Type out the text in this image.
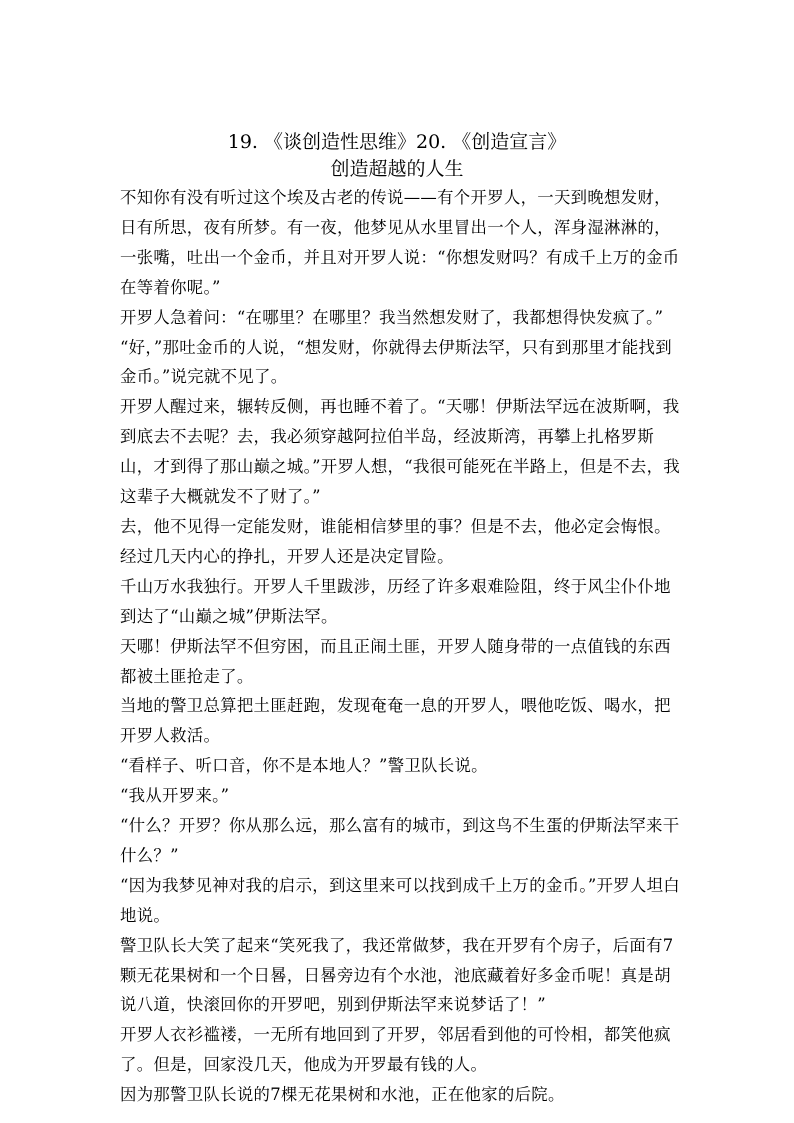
19. 《谈创造性思维》20. 《创造宣言》
创造超越的人生

不知你有没有听过这个埃及古老的传说——有个开罗人，一天到晚想发财，日有所思，夜有所梦。有一夜，他梦见从水里冒出一个人，浑身湿淋淋的，一张嘴，吐出一个金币，并且对开罗人说：“你想发财吗？有成千上万的金币在等着你呢。”

开罗人急着问：“在哪里？在哪里？我当然想发财了，我都想得快发疯了。”

“好，”那吐金币的人说，“想发财，你就得去伊斯法罕，只有到那里才能找到金币。”说完就不见了。

开罗人醒过来，辗转反侧，再也睡不着了。“天哪！伊斯法罕远在波斯啊，我到底去不去呢？去，我必须穿越阿拉伯半岛，经波斯湾，再攀上扎格罗斯山，才到得了那山巅之城。”开罗人想，“我很可能死在半路上，但是不去，我这辈子大概就发不了财了。”

去，他不见得一定能发财，谁能相信梦里的事？但是不去，他必定会悔恨。经过几天内心的挣扎，开罗人还是决定冒险。

千山万水我独行。开罗人千里跋涉，历经了许多艰难险阻，终于风尘仆仆地到达了“山巅之城”伊斯法罕。

天哪！伊斯法罕不但穷困，而且正闹土匪，开罗人随身带的一点值钱的东西都被土匪抢走了。

当地的警卫总算把土匪赶跑，发现奄奄一息的开罗人，喂他吃饭、喝水，把开罗人救活。

“看样子、听口音，你不是本地人？”警卫队长说。

“我从开罗来。”

“什么？开罗？你从那么远，那么富有的城市，到这鸟不生蛋的伊斯法罕来干什么？”

“因为我梦见神对我的启示，到这里来可以找到成千上万的金币。”开罗人坦白地说。

警卫队长大笑了起来“笑死我了，我还常做梦，我在开罗有个房子，后面有7颗无花果树和一个日晷，日晷旁边有个水池，池底藏着好多金币呢！真是胡说八道，快滚回你的开罗吧，别到伊斯法罕来说梦话了！”

开罗人衣衫褴褛，一无所有地回到了开罗，邻居看到他的可怜相，都笑他疯了。但是，回家没几天，他成为开罗最有钱的人。

因为那警卫队长说的7棵无花果树和水池，正在他家的后院。
